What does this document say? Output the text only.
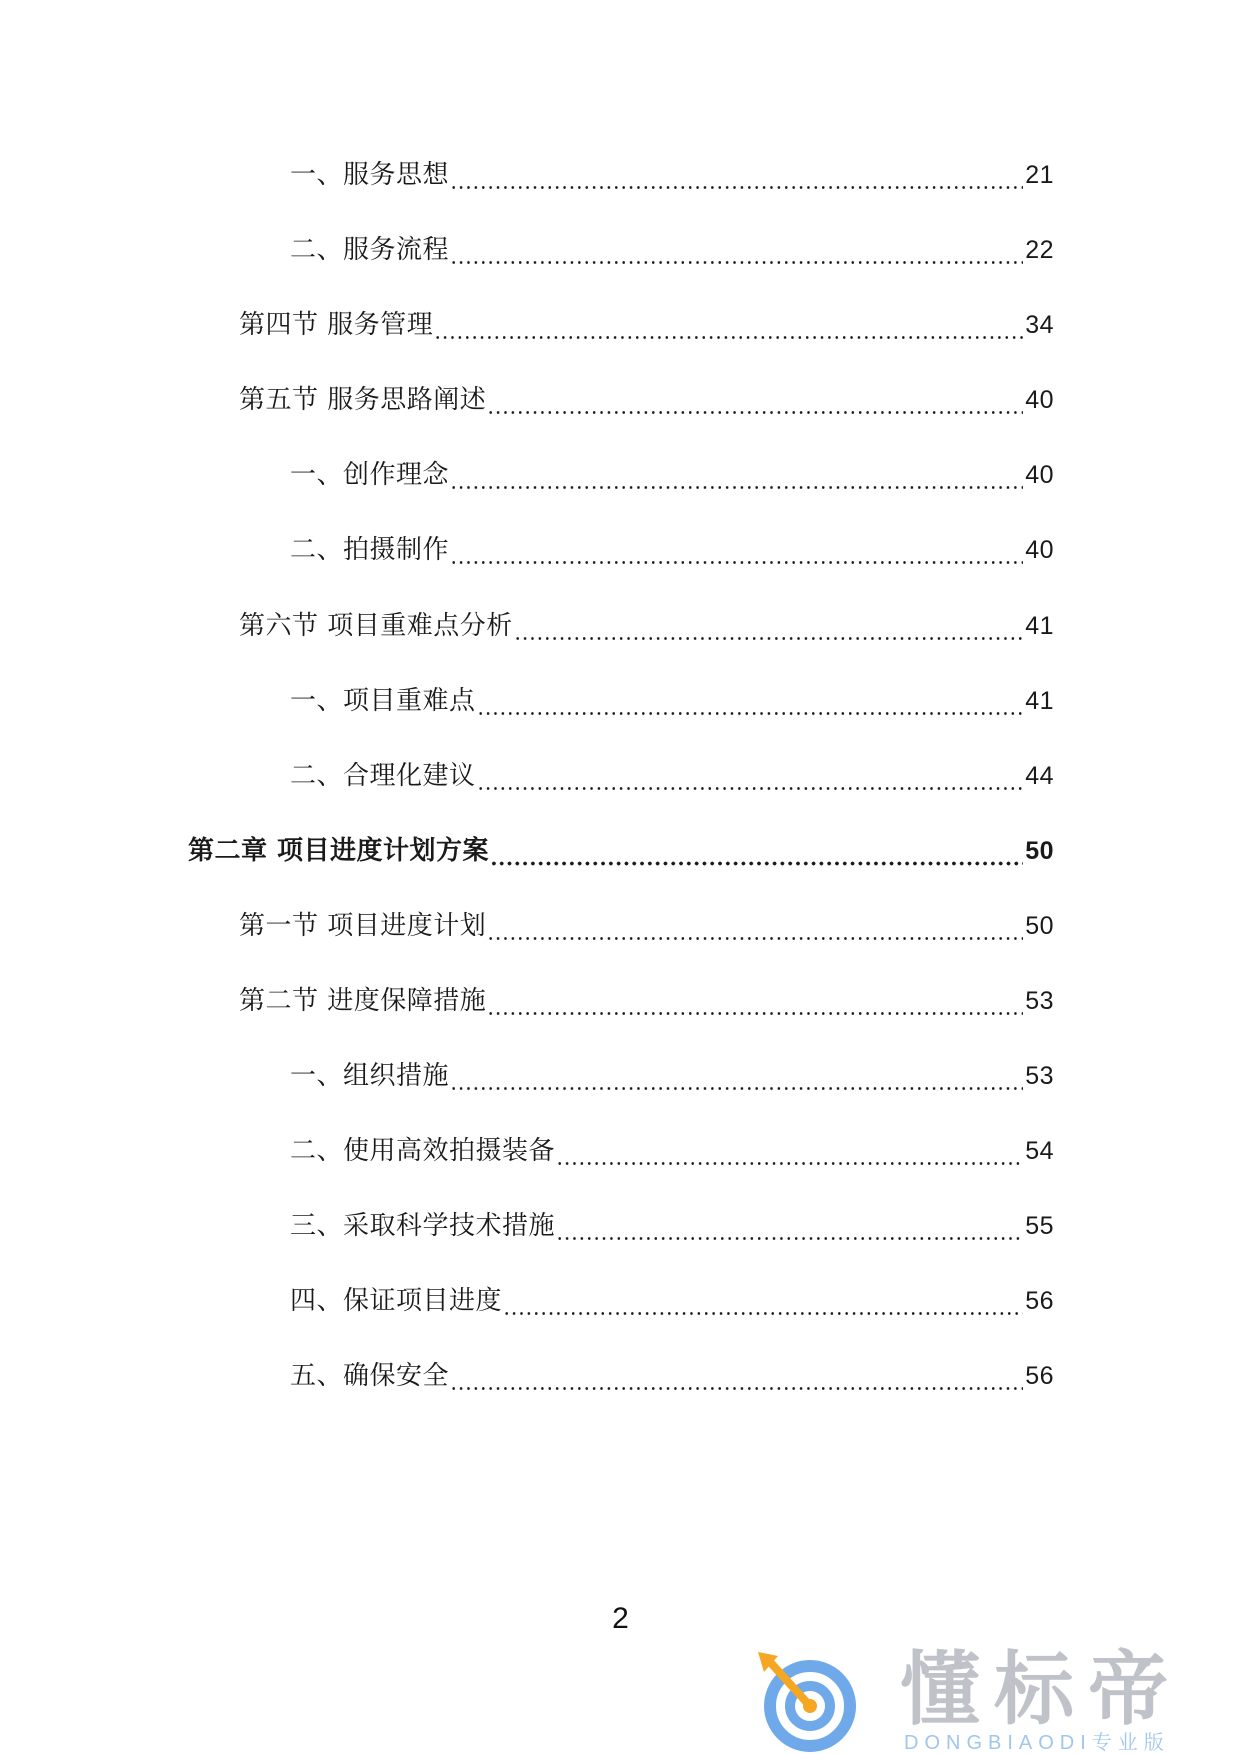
一、服务思想	21
二、服务流程	22
第四节 服务管理	34
第五节 服务思路阐述	40
一、创作理念	40
二、拍摄制作	40
第六节 项目重难点分析	41
一、项目重难点	41
二、合理化建议	44
第二章 项目进度计划方案	50
第一节 项目进度计划	50
第二节 进度保障措施	53
一、组织措施	53
二、使用高效拍摄装备	54
三、采取科学技术措施	55
四、保证项目进度	56
五、确保安全	56
2
懂标帝
DONGBIAODI专业版
